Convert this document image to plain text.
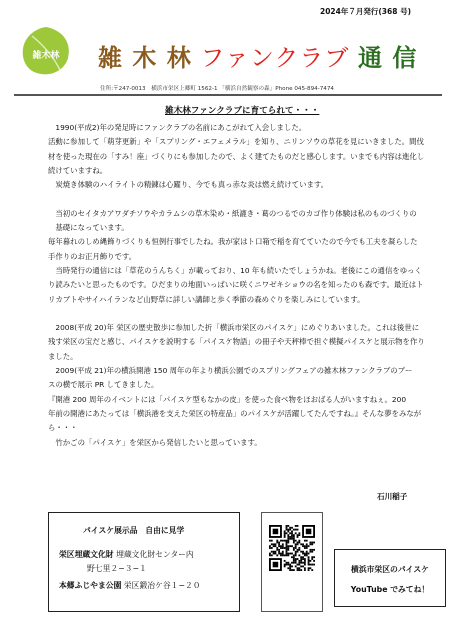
2024年７月発行(368 号)
雑木林 雑 木 林 ファンクラブ 通 信
住所:〒247-0013　横浜市栄区上郷町 1562-1 「横浜自然観察の森」Phone 045-894-7474
雑木林ファンクラブに育てられて・・・

　1990(平成2)年の発足時にファンクラブの名前にあこがれて入会しました。

活動に参加して「萌芽更新」や「スプリング・エフェメラル」を知り、ニリンソウの草花を見にいきました。間伐

材を使った現在の「すみ！座」づくりにも参加したので、よく建てたものだと感心します。いまでも内容は進化し

続けていますね。

　炭焼き体験のハイライトの精錬は心躍り、今でも真っ赤な炎は燃え続けています。

　当初のセイタカアワダチソウやカラムシの草木染め・紙漉き・葛のつるでのカゴ作り体験は私のものづくりの

　基礎になっています。

毎年暮れのしめ縄飾りづくりも恒例行事でしたね。我が家はト口箱で稲を育てていたので今でも工夫を凝らした

手作りのお正月飾りです。

　当時発行の通信には「草花のうんちく」が載っており、10 年も続いたでしょうかね。老後にこの通信をゆっく

り読みたいと思ったものです。ひだまりの地面いっぱいに咲くニワゼキショウの名を知ったのも森です。最近はト

リカブトやサイハイランなど山野草に詳しい講師と歩く季節の森めぐりを楽しみにしています。

　2008(平成 20)年 栄区の歴史散歩に参加した折「横浜市栄区のパイスケ」にめぐりあいました。これは後世に

残す栄区の宝だと感じ、パイスケを説明する「パイスケ物語」の冊子や天秤棒で担ぐ模擬パイスケと展示物を作り

ました。

　2009(平成 21)年の横浜開港 150 周年の年より横浜公園でのスプリングフェアの雑木林ファンクラブのブー

スの横で展示 PR してきました。

『開港 200 周年のイベントには「パイスケ型もなかの皮」を使った食べ物をほおばる人がいますねぇ。200

年前の開港にあたっては「横浜港を支えた栄区の特産品」のパイスケが活躍してたんですね。』そんな夢をみなが

ら・・・

　竹かごの「パイスケ」を栄区から発信したいと思っています。

石川稲子
パイスケ展示品　自由に見学
栄区埋蔵文化財 埋蔵文化財センター内
野七里２−３−１
本郷ふじやま公園 栄区鍛冶ケ谷１−２０
横浜市栄区のパイスケ
YouTube でみてね！
